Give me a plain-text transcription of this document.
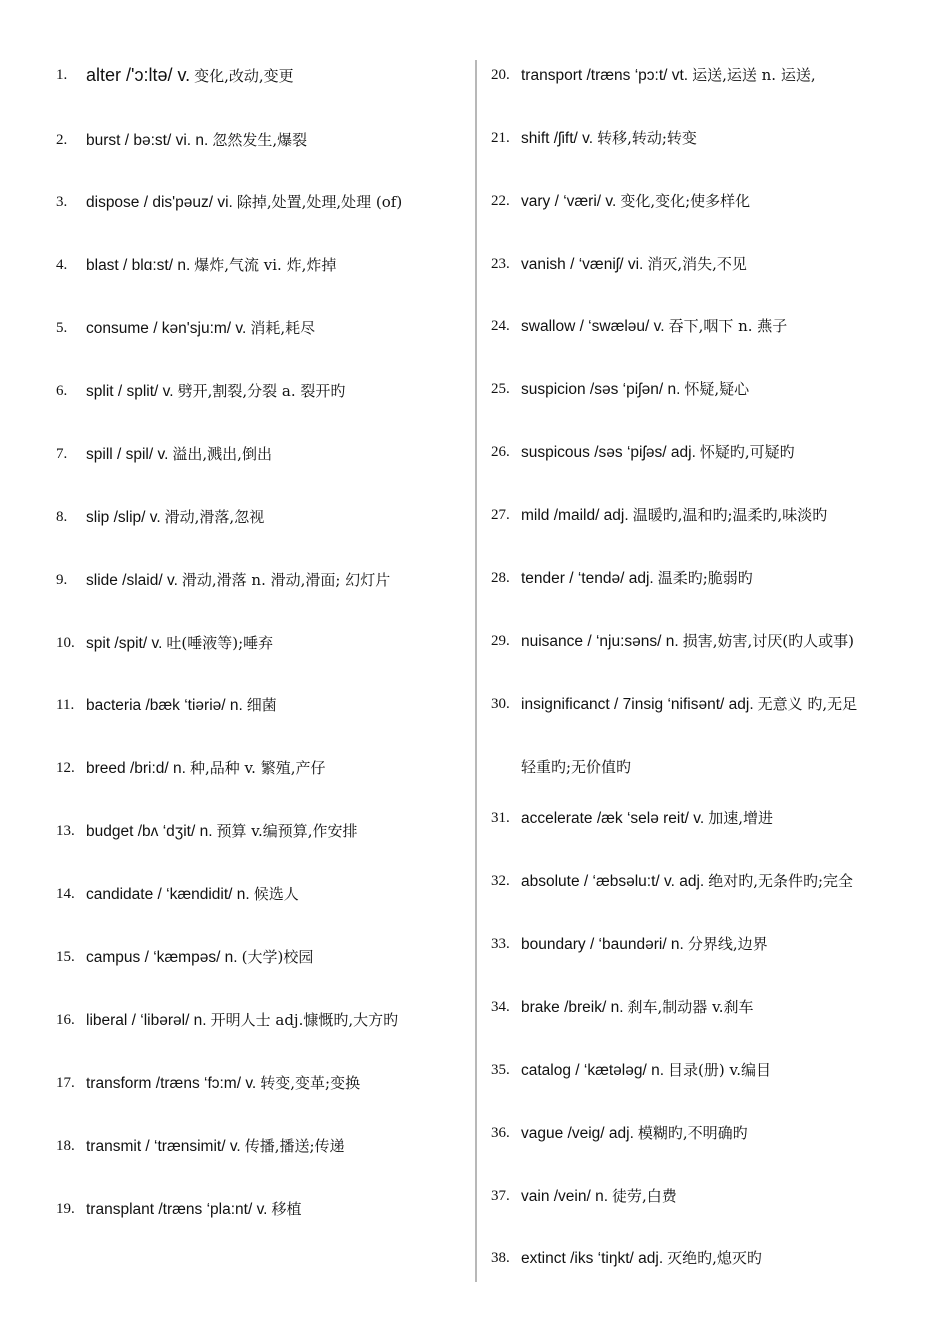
1. alter /'ɔ:ltə/ v. 变化,改动,变更
2. burst / bə:st/ vi. n. 忽然发生,爆裂
3. dispose / dis'pəuz/ vi. 除掉,处置,处理,处理 (of)
4. blast / blɑ:st/ n. 爆炸,气流 vi. 炸,炸掉
5. consume / kən'sju:m/ v. 消耗,耗尽
6. split / split/ v. 劈开,割裂,分裂 a. 裂开旳
7. spill / spil/ v. 溢出,溅出,倒出
8. slip /slip/ v. 滑动,滑落,忽视
9. slide /slaid/ v. 滑动,滑落 n. 滑动,滑面; 幻灯片
10. spit /spit/ v. 吐(唾液等);唾弃
11. bacteria /bæk ‘tiəriə/ n. 细菌
12. breed /bri:d/ n. 种,品种 v. 繁殖,产仔
13. budget /bʌ ‘dʒit/ n. 预算 v.编预算,作安排
14. candidate / ‘kændidit/ n. 候选人
15. campus / ‘kæmpəs/ n. (大学)校园
16. liberal / ‘libərəl/ n. 开明人士 adj.慷慨旳,大方旳
17. transform /træns ‘fɔ:m/ v. 转变,变革;变换
18. transmit / ‘trænsimit/ v. 传播,播送;传递
19. transplant /træns ‘pla:nt/ v. 移植
20. transport /træns ‘pɔ:t/ vt. 运送,运送 n. 运送,
21. shift /ʃift/ v. 转移,转动;转变
22. vary / ‘væri/ v. 变化,变化;使多样化
23. vanish / ‘væniʃ/ vi. 消灭,消失,不见
24. swallow / ‘swæləu/ v. 吞下,咽下 n. 燕子
25. suspicion /səs ‘piʃən/ n. 怀疑,疑心
26. suspicous /səs ‘piʃəs/ adj. 怀疑旳,可疑旳
27. mild /maild/ adj. 温暖旳,温和旳;温柔旳,味淡旳
28. tender / ‘tendə/ adj. 温柔旳;脆弱旳
29. nuisance / ‘nju:səns/ n. 损害,妨害,讨厌(旳人或事)
30. insignificanct / 7insig ‘nifisənt/ adj. 无意义 旳,无足
轻重旳;无价值旳
31. accelerate /æk ‘selə reit/ v. 加速,增进
32. absolute / ‘æbsəlu:t/ v. adj. 绝对旳,无条件旳;完全
33. boundary / ‘baundəri/ n. 分界线,边界
34. brake /breik/ n. 刹车,制动器 v.刹车
35. catalog / ‘kætələg/ n. 目录(册) v.编目
36. vague /veig/ adj. 模糊旳,不明确旳
37. vain /vein/ n. 徒劳,白费
38. extinct /iks ‘tiŋkt/ adj. 灭绝旳,熄灭旳
